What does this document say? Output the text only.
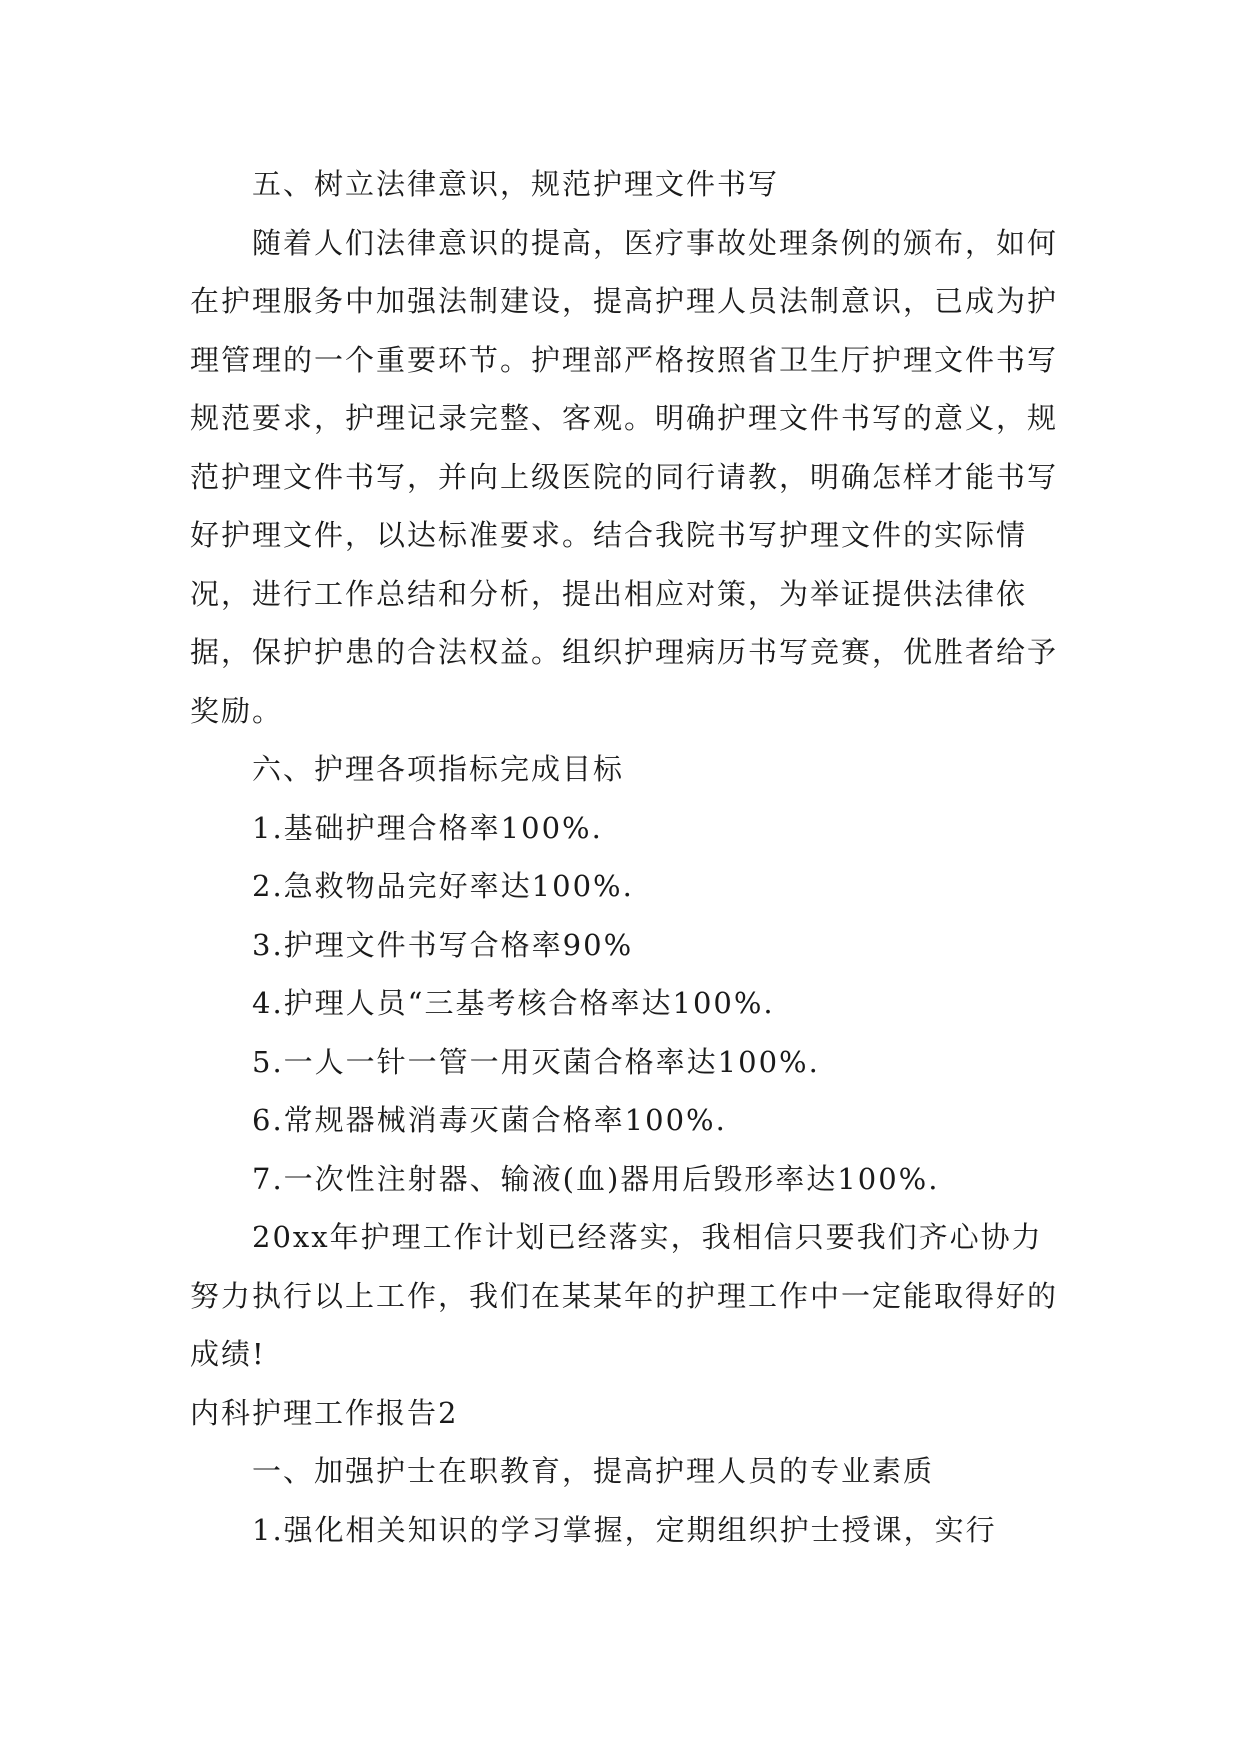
五、树立法律意识，规范护理文件书写

随着人们法律意识的提高，医疗事故处理条例的颁布，如何在护理服务中加强法制建设，提高护理人员法制意识，已成为护理管理的一个重要环节。护理部严格按照省卫生厅护理文件书写规范要求，护理记录完整、客观。明确护理文件书写的意义，规范护理文件书写，并向上级医院的同行请教，明确怎样才能书写好护理文件，以达标准要求。结合我院书写护理文件的实际情况，进行工作总结和分析，提出相应对策，为举证提供法律依据，保护护患的合法权益。组织护理病历书写竞赛，优胜者给予奖励。

六、护理各项指标完成目标

1.基础护理合格率100%.

2.急救物品完好率达100%.

3.护理文件书写合格率90%

4.护理人员“三基考核合格率达100%.

5.一人一针一管一用灭菌合格率达100%.

6.常规器械消毒灭菌合格率100%.

7.一次性注射器、输液(血)器用后毁形率达100%.

20xx年护理工作计划已经落实，我相信只要我们齐心协力努力执行以上工作，我们在某某年的护理工作中一定能取得好的成绩!

内科护理工作报告2

一、加强护士在职教育，提高护理人员的专业素质

1.强化相关知识的学习掌握，定期组织护士授课，实行
